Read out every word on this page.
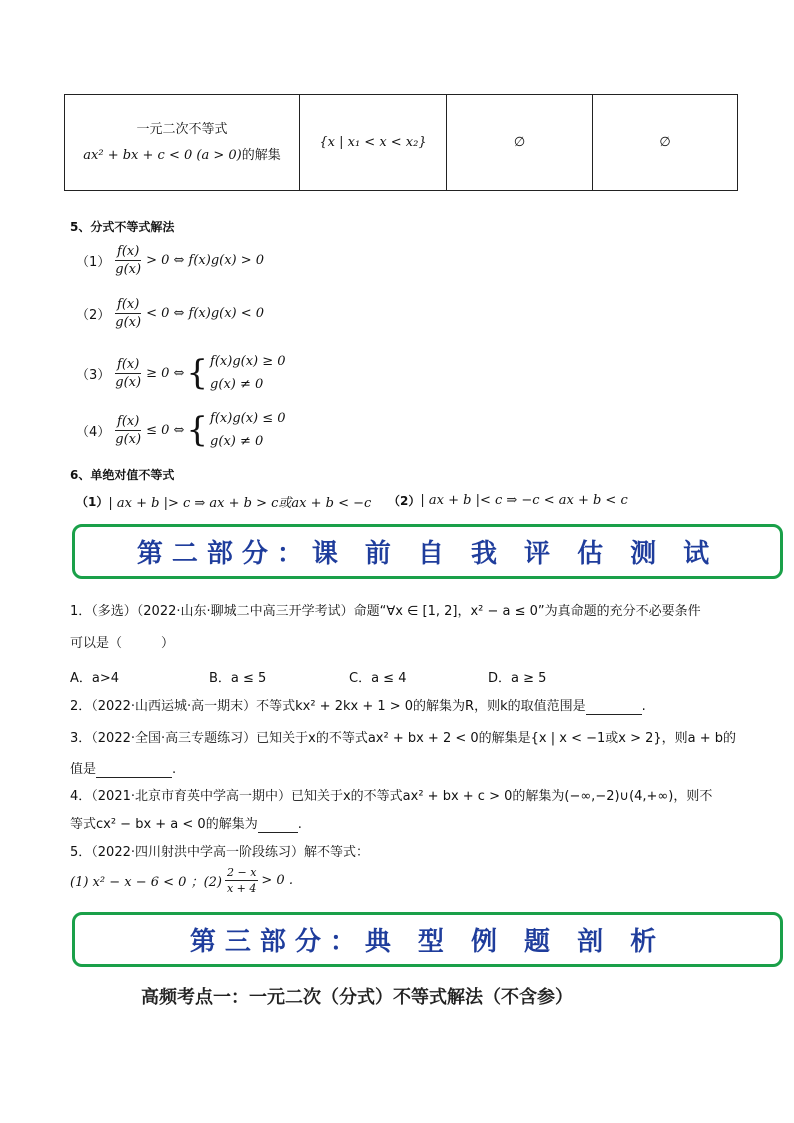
一元二次不等式
ax² + bx + c < 0 (a > 0)的解集
	{x | x₁ < x < x₂}	∅	∅
5、分式不等式解法
$(1) \frac{f(x)}{g(x)} > 0$ ⇔ f(x)g(x) > 0
$(2) \frac{f(x)}{g(x)} < 0$ ⇔ f(x)g(x) < 0
$(3) \frac{f(x)}{g(x)} \ge 0$ ⇔ { f(x)g(x) ≥ 0
g(x) ≠ 0
$(4) \frac{f(x)}{g(x)} \le 0$ ⇔ { f(x)g(x) ≤ 0
g(x) ≠ 0
6、单绝对值不等式
（1） | ax + b |> c ⇒ ax + b > c或ax + b < −c （2） | ax + b |< c ⇒ −c < ax + b < c
第二部分：课 前 自 我 评 估 测 试
1．（多选）（2022·山东·聊城二中高三开学考试）命题“∀x ∈ [1, 2]，x² − a ≤ 0”为真命题的充分不必要条件
可以是（　　　）
A．a>4	B．a ≤ 5	C．a ≤ 4	D．a ≥ 5
2．（2022·山西运城·高一期末）不等式kx² + 2kx + 1 > 0的解集为R，则k的取值范围是	.
3．（2022·全国·高三专题练习）已知关于x的不等式ax² + bx + 2 < 0的解集是{x | x < −1或x > 2}，则a + b的
值是	.
4．（2021·北京市育英中学高一期中）已知关于x的不等式ax² + bx + c > 0的解集为(−∞,−2)∪(4,+∞)，则不
等式cx² − bx + a < 0的解集为	.
5．（2022·四川射洪中学高一阶段练习）解不等式：
(1) x² − x − 6 < 0 ；$(2) \frac{2 - x}{x + 4} > 0$ .
第三部分：典 型 例 题 剖 析
高频考点一：一元二次（分式）不等式解法（不含参）
